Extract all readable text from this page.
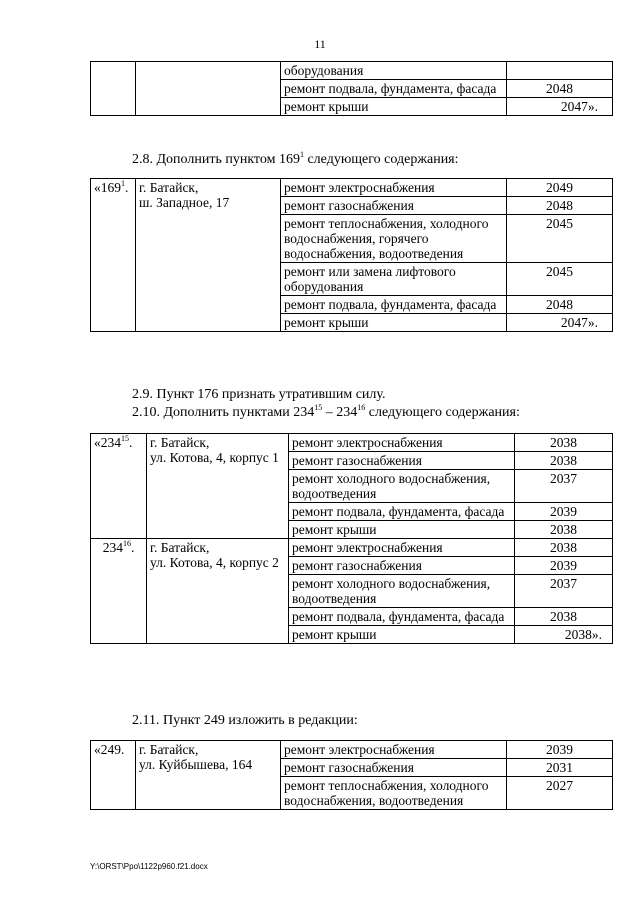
11
		оборудования	
		ремонт подвала, фундамента, фасада	2048
		ремонт крыши	2047».
2.8. Дополнить пунктом $169^1$ следующего содержания:
«$169^1$.	г. Батайск,
ш. Западное, 17	ремонт электроснабжения	2049
		ремонт газоснабжения	2048
		ремонт теплоснабжения, холодного водоснабжения, горячего водоснабжения, водоотведения	2045
		ремонт или замена лифтового оборудования	2045
		ремонт подвала, фундамента, фасада	2048
		ремонт крыши	2047».
2.9. Пункт 176 признать утратившим силу.
2.10. Дополнить пунктами $234^{15} - 234^{16}$ следующего содержания:
«$234^{15}$.	г. Батайск,
ул. Котова, 4, корпус 1	ремонт электроснабжения	2038
		ремонт газоснабжения	2038
		ремонт холодного водоснабжения, водоотведения	2037
		ремонт подвала, фундамента, фасада	2039
		ремонт крыши	2038
$234^{16}$.	г. Батайск,
ул. Котова, 4, корпус 2	ремонт электроснабжения	2038
		ремонт газоснабжения	2039
		ремонт холодного водоснабжения, водоотведения	2037
		ремонт подвала, фундамента, фасада	2038
		ремонт крыши	2038».
2.11. Пункт 249 изложить в редакции:
«249.	г. Батайск,
ул. Куйбышева, 164	ремонт электроснабжения	2039
		ремонт газоснабжения	2031
		ремонт теплоснабжения, холодного водоснабжения, водоотведения	2027
Y:\ORST\Ppo\1122p960.f21.docx
